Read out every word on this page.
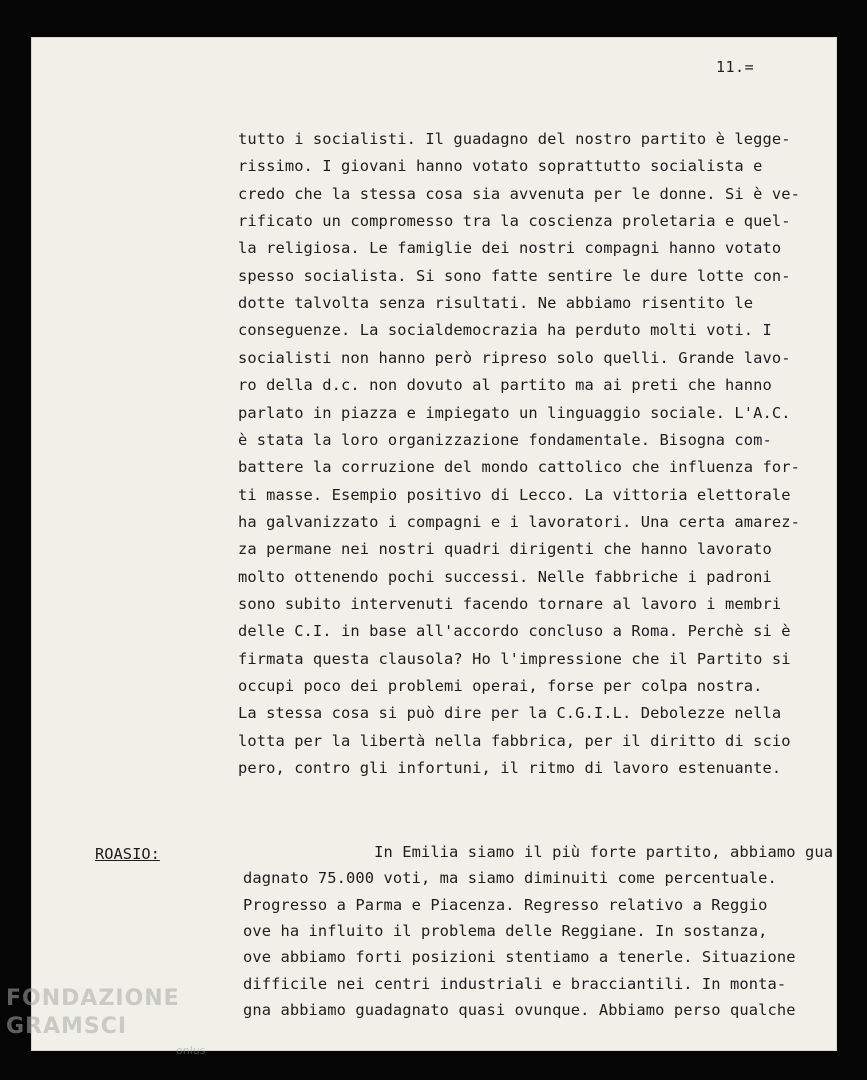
11.=
tutto i socialisti. Il guadagno del nostro partito è legge-
rissimo. I giovani hanno votato soprattutto socialista e
credo che la stessa cosa sia avvenuta per le donne. Si è ve-
rificato un compromesso tra la coscienza proletaria e quel-
la religiosa. Le famiglie dei nostri compagni hanno votato
spesso socialista. Si sono fatte sentire le dure lotte con-
dotte talvolta senza risultati. Ne abbiamo risentito le
conseguenze. La socialdemocrazia ha perduto molti voti. I
socialisti non hanno però ripreso solo quelli. Grande lavo-
ro della d.c. non dovuto al partito ma ai preti che hanno
parlato in piazza e impiegato un linguaggio sociale. L'A.C.
è stata la loro organizzazione fondamentale. Bisogna com-
battere la corruzione del mondo cattolico che influenza for-
ti masse. Esempio positivo di Lecco. La vittoria elettorale
ha galvanizzato i compagni e i lavoratori. Una certa amarez-
za permane nei nostri quadri dirigenti che hanno lavorato
molto ottenendo pochi successi. Nelle fabbriche i padroni
sono subito intervenuti facendo tornare al lavoro i membri
delle C.I. in base all'accordo concluso a Roma. Perchè si è
firmata questa clausola? Ho l'impressione che il Partito si
occupi poco dei problemi operai, forse per colpa nostra.
La stessa cosa si può dire per la C.G.I.L. Debolezze nella
lotta per la libertà nella fabbrica, per il diritto di scio
pero, contro gli infortuni, il ritmo di lavoro estenuante.
ROASIO:	In Emilia siamo il più forte partito, abbiamo gua
dagnato 75.000 voti, ma siamo diminuiti come percentuale.
Progresso a Parma e Piacenza. Regresso relativo a Reggio
ove ha influito il problema delle Reggiane. In sostanza,
ove abbiamo forti posizioni stentiamo a tenerle. Situazione
difficile nei centri industriali e bracciantili. In monta-
gna abbiamo guadagnato quasi ovunque. Abbiamo perso qualche
FONDAZIONE
GRAMSCI
onlus
